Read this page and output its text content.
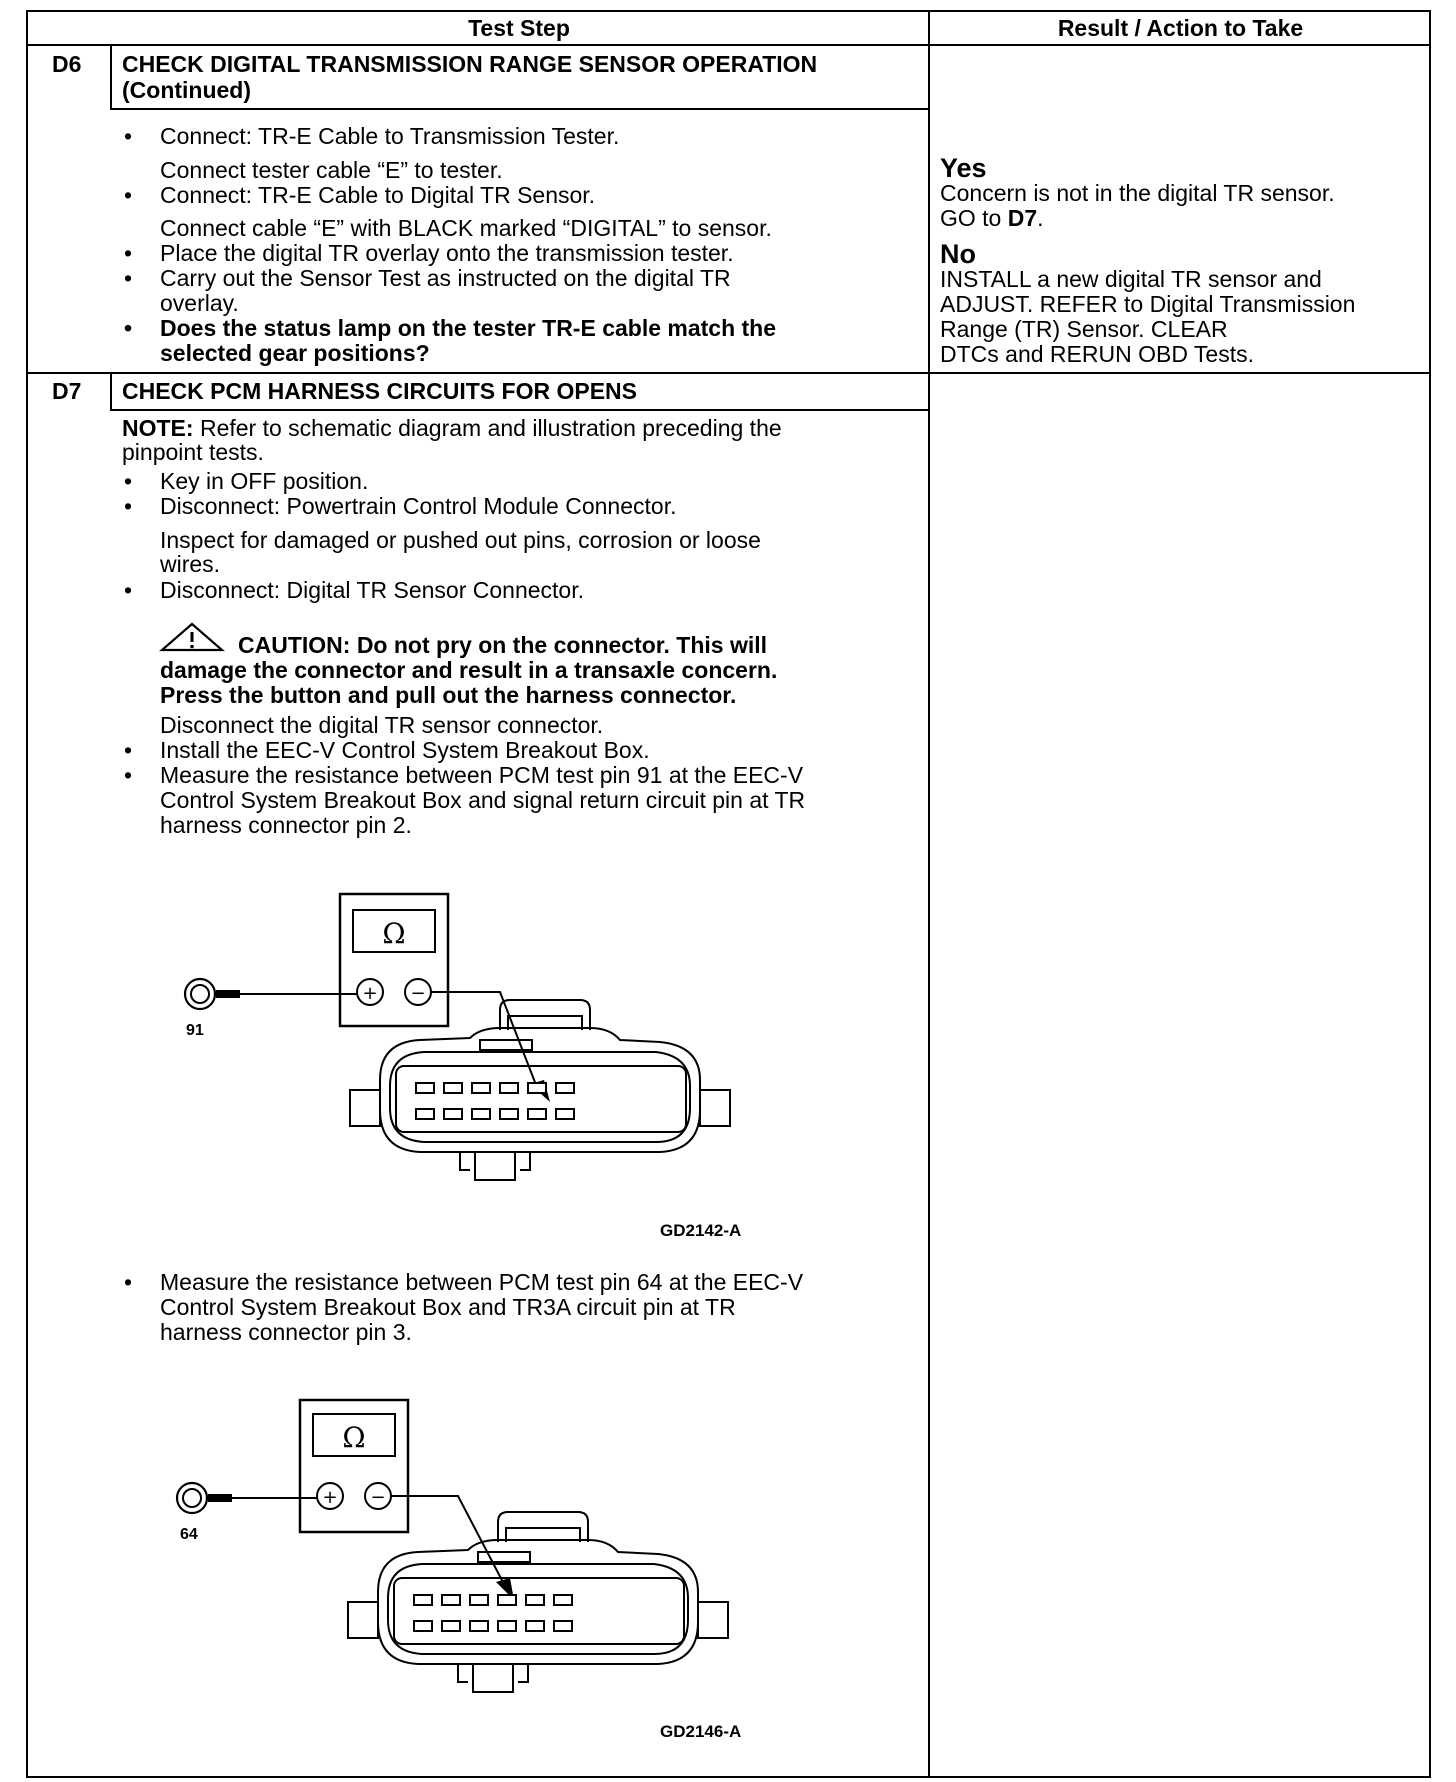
Test Step	Result / Action to Take
D6 CHECK DIGITAL TRANSMISSION RANGE SENSOR OPERATION
(Continued)
• Connect: TR-E Cable to Transmission Tester.
Connect tester cable “E” to tester.
• Connect: TR-E Cable to Digital TR Sensor.
Connect cable “E” with BLACK marked “DIGITAL” to sensor.
• Place the digital TR overlay onto the transmission tester.
• Carry out the Sensor Test as instructed on the digital TR
overlay.
• Does the status lamp on the tester TR-E cable match the
selected gear positions?
Yes
Concern is not in the digital TR sensor.
GO to D7.
No
INSTALL a new digital TR sensor and
ADJUST. REFER to Digital Transmission
Range (TR) Sensor. CLEAR
DTCs and RERUN OBD Tests.
D7 CHECK PCM HARNESS CIRCUITS FOR OPENS
NOTE: Refer to schematic diagram and illustration preceding the
pinpoint tests.
• Key in OFF position.
• Disconnect: Powertrain Control Module Connector.
Inspect for damaged or pushed out pins, corrosion or loose
wires.
• Disconnect: Digital TR Sensor Connector.
CAUTION: Do not pry on the connector. This will
damage the connector and result in a transaxle concern.
Press the button and pull out the harness connector.
Disconnect the digital TR sensor connector.
• Install the EEC-V Control System Breakout Box.
• Measure the resistance between PCM test pin 91 at the EEC-V
Control System Breakout Box and signal return circuit pin at TR
harness connector pin 2.
Ω
+ −
91
GD2142-A
• Measure the resistance between PCM test pin 64 at the EEC-V
Control System Breakout Box and TR3A circuit pin at TR
harness connector pin 3.
Ω
+ −
64
GD2146-A
